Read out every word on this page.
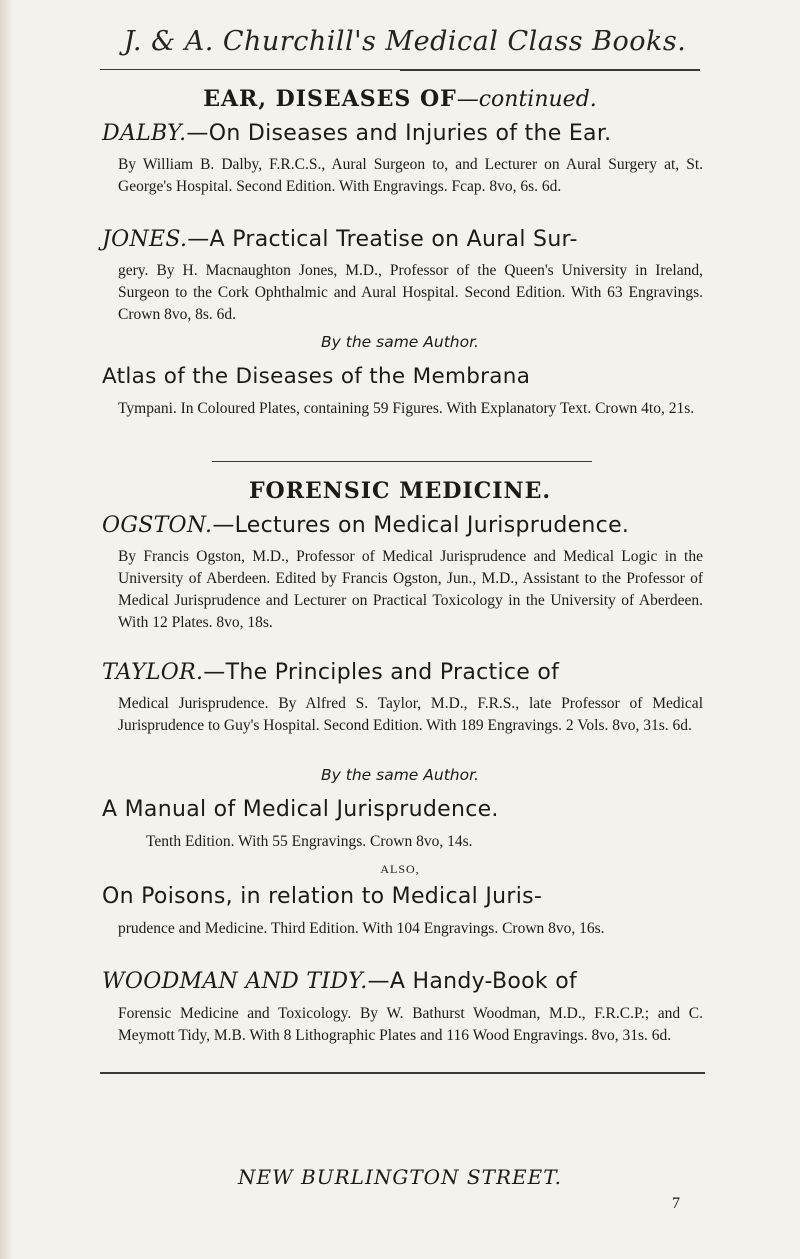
J. & A. Churchill's Medical Class Books.
EAR, DISEASES OF—continued.
DALBY.—On Diseases and Injuries of the Ear.
By William B. Dalby, F.R.C.S., Aural Surgeon to, and Lecturer on Aural Surgery at, St. George's Hospital. Second Edition. With Engravings. Fcap. 8vo, 6s. 6d.
JONES.—A Practical Treatise on Aural Sur-
gery. By H. Macnaughton Jones, M.D., Professor of the Queen's University in Ireland, Surgeon to the Cork Ophthalmic and Aural Hospital. Second Edition. With 63 Engravings. Crown 8vo, 8s. 6d.
By the same Author.
Atlas of the Diseases of the Membrana
Tympani. In Coloured Plates, containing 59 Figures. With Explanatory Text. Crown 4to, 21s.
FORENSIC MEDICINE.
OGSTON.—Lectures on Medical Jurisprudence.
By Francis Ogston, M.D., Professor of Medical Jurisprudence and Medical Logic in the University of Aberdeen. Edited by Francis Ogston, Jun., M.D., Assistant to the Professor of Medical Jurisprudence and Lecturer on Practical Toxicology in the University of Aberdeen. With 12 Plates. 8vo, 18s.
TAYLOR.—The Principles and Practice of
Medical Jurisprudence. By Alfred S. Taylor, M.D., F.R.S., late Professor of Medical Jurisprudence to Guy's Hospital. Second Edition. With 189 Engravings. 2 Vols. 8vo, 31s. 6d.
By the same Author.
A Manual of Medical Jurisprudence.
Tenth Edition. With 55 Engravings. Crown 8vo, 14s.
ALSO,
On Poisons, in relation to Medical Juris-
prudence and Medicine. Third Edition. With 104 Engravings. Crown 8vo, 16s.
WOODMAN AND TIDY.—A Handy-Book of
Forensic Medicine and Toxicology. By W. Bathurst Woodman, M.D., F.R.C.P.; and C. Meymott Tidy, M.B. With 8 Lithographic Plates and 116 Wood Engravings. 8vo, 31s. 6d.
NEW BURLINGTON STREET.
7
